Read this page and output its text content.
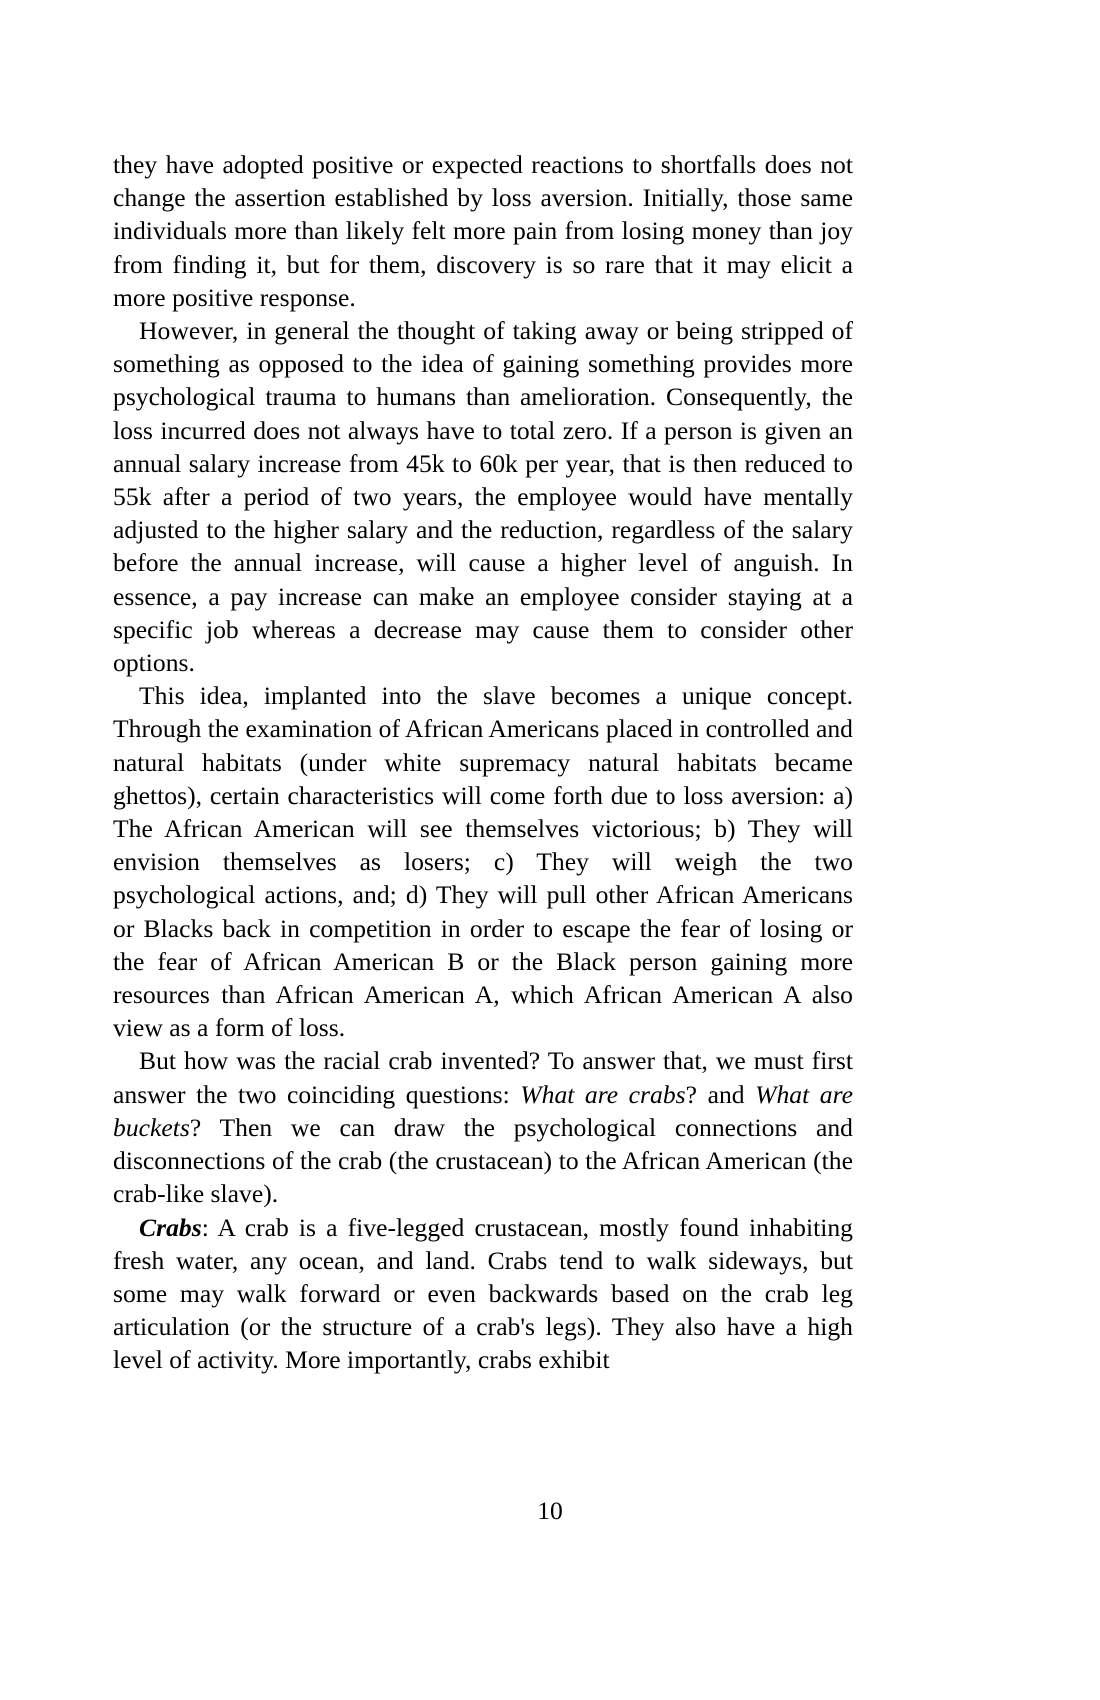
they have adopted positive or expected reactions to shortfalls does not change the assertion established by loss aversion. Initially, those same individuals more than likely felt more pain from losing money than joy from finding it, but for them, discovery is so rare that it may elicit a more positive response.

However, in general the thought of taking away or being stripped of something as opposed to the idea of gaining something provides more psychological trauma to humans than amelioration. Consequently, the loss incurred does not always have to total zero. If a person is given an annual salary increase from 45k to 60k per year, that is then reduced to 55k after a period of two years, the employee would have mentally adjusted to the higher salary and the reduction, regardless of the salary before the annual increase, will cause a higher level of anguish. In essence, a pay increase can make an employee consider staying at a specific job whereas a decrease may cause them to consider other options.

This idea, implanted into the slave becomes a unique concept. Through the examination of African Americans placed in controlled and natural habitats (under white supremacy natural habitats became ghettos), certain characteristics will come forth due to loss aversion: a) The African American will see themselves victorious; b) They will envision themselves as losers; c) They will weigh the two psychological actions, and; d) They will pull other African Americans or Blacks back in competition in order to escape the fear of losing or the fear of African American B or the Black person gaining more resources than African American A, which African American A also view as a form of loss.

But how was the racial crab invented? To answer that, we must first answer the two coinciding questions: What are crabs? and What are buckets? Then we can draw the psychological connections and disconnections of the crab (the crustacean) to the African American (the crab-like slave).

Crabs: A crab is a five-legged crustacean, mostly found inhabiting fresh water, any ocean, and land. Crabs tend to walk sideways, but some may walk forward or even backwards based on the crab leg articulation (or the structure of a crab's legs). They also have a high level of activity. More importantly, crabs exhibit

10
